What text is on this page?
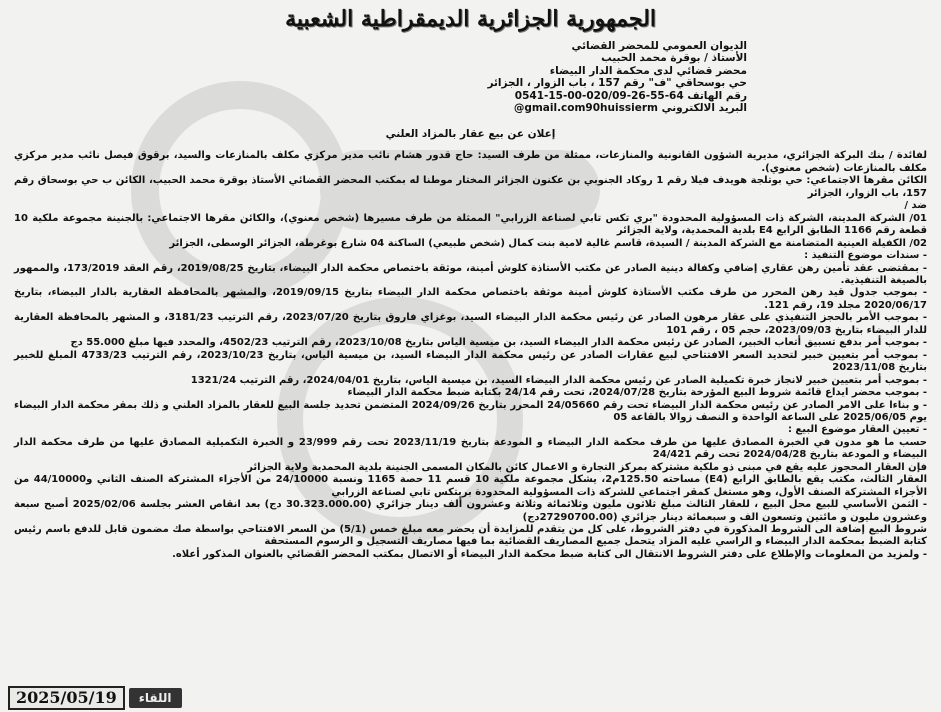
الجمهورية الجزائرية الديمقراطية الشعبية
الديوان العمومي للمحضر القضائي
الأستاذ / بوقرة محمد الحبيب
محضر قضائي لدى محكمة الدار البيضاء
حي بوسحاقي "ف" رقم 157 ، باب الزوار ، الجزائر
رقم الهاتف 64-55-26-020/09-00-15-0541
البريد الالكتروني gmail.com90huissierm@
إعلان عن بيع عقار بالمزاد العلني

لفائدة / بنك البركة الجزائري، مديرية الشؤون القانونية والمنازعات، ممثلة من طرف السيد: حاج قدور هشام نائب مدير مركزي مكلف بالمنازعات والسيد، برقوق فيصل نائب مدير مركزي مكلف بالمنازعات (شخص معنوي).

الكائن مقرها الاجتماعي: حي بوتلجة هويدف فيلا رقم 1 روكاد الجنوبي بن عكنون الجزائر المختار موطنا له بمكتب المحضر القضائي الأستاذ بوقرة محمد الحبيب، الكائن ب حي بوسحاق رقم 157، باب الزوار، الجزائر

ضد /

01/ الشركة المدينة، الشركة ذات المسؤولية المحدودة "بري تكس تابي لصناعة الزرابي" الممثلة من طرف مسيرها (شخص معنوي)، والكائن مقرها الاجتماعي: بالجنينة مجموعة ملكية 10 قطعة رقم 1166 الطابق الرابع E4 بلدية المحمدية، ولاية الجزائر

02/ الكفيلة العينية المتضامنة مع الشركة المدينة / السيدة، قاسم غالية لامية بنت كمال (شخص طبيعي) الساكنة 04 شارع بوغرطة، الجزائر الوسطى، الجزائر

- سندات موضوع التنفيذ :

- بمقتضى عقد تأمين رهن عقاري إضافي وكفالة دينية الصادر عن مكتب الأستاذة كلوش أمينة، موثقة باختصاص محكمة الدار البيضاء، بتاريخ 2019/08/25، رقم العقد 173/2019، والممهور بالصيغة التنفيذية.

- بموجب جدول قيد رهن المحرر من طرف مكتب الأستاذة كلوش أمينة موثقة باختصاص محكمة الدار البيضاء بتاريخ 2019/09/15، والمشهر بالمحافظة العقارية بالدار البيضاء، بتاريخ 2020/06/17 مجلد 19، رقم 121.

- بموجب الأمر بالحجز التنفيذي على عقار مرهون الصادر عن رئيس محكمة الدار البيضاء السيد، بوغزاي فاروق بتاريخ 2023/07/20، رقم الترتيب 3181/23، و المشهر بالمحافظة العقارية للدار البيضاء بتاريخ 2023/09/03، حجم 05 ، رقم 101

- بموجب أمر بدفع تسبيق أتعاب الخبير، الصادر عن رئيس محكمة الدار البيضاء السيد، بن ميسية الياس بتاريخ 2023/10/08، رقم الترتيب 4502/23، والمحدد فيها مبلغ 55.000 دج

- بموجب أمر بتعيين خبير لتحديد السعر الافتتاحي لبيع عقارات الصادر عن رئيس محكمة الدار البيضاء السيد، بن ميسية الياس، بتاريخ 2023/10/23، رقم الترتيب 4733/23 المبلغ للخبير بتاريخ 2023/11/08

- بموجب أمر بتعيين خبير لانجاز خبرة تكميلية الصادر عن رئيس محكمة الدار البيضاء السيد، بن ميسية الياس، بتاريخ 2024/04/01، رقم الترتيب 1321/24

- بموجب محضر ايداع قائمة شروط البيع المؤرخة بتاريخ 2024/07/28، تحت رقم 24/14 بكتابة ضبط محكمة الدار البيضاء

- و بناءا على الامر الصادر عن رئيس محكمة الدار البيضاء تحت رقم 24/05660 المحرر بتاريخ 2024/09/26 المتضمن تحديد جلسة البيع للعقار بالمزاد العلني و ذلك بمقر محكمة الدار البيضاء يوم 2025/06/05 على الساعة الواحدة و النصف زوالا بالقاعة 05

- تعيين العقار موضوع البيع :

حسب ما هو مدون في الخبرة المصادق عليها من طرف محكمة الدار البيضاء و المودعة بتاريخ 2023/11/19 تحت رقم 23/999 و الخبرة التكميلية المصادق عليها من طرف محكمة الدار البيضاء و المودعة بتاريخ 2024/04/28 تحت رقم 24/421

فإن العقار المحجوز عليه يقع في مبنى ذو ملكية مشتركة بمركز التجارة و الاعمال كائن بالمكان المسمى الجنينة بلدية المحمدية ولاية الجزائر

العقار الثالث، مكتب يقع بالطابق الرابع (E4) مساحته 125.50م2، يشكل مجموعة ملكية 10 قسم 11 حصة 1165 ونسبة 24/10000 من الأجزاء المشتركة الصنف الثاني و44/10000 من الأجزاء المشتركة الصنف الأول، وهو مستغل كمقر اجتماعي للشركة ذات المسؤولية المحدودة بريتكس تابي لصناعة الزرابي

- الثمن الأساسي للبيع محل البيع ، للعقار الثالث مبلغ ثلاثون مليون وثلاثمائة وثلاثة وعشرون ألف دينار جزائري (30.323.000.00 دج) بعد انقاص العشر بجلسة 2025/02/06 أصبح سبعة وعشرون مليون و مائتين وتسعون الف و سبعمائة دينار جزائري (27290700.00دج)

شروط البيع إضافة الى الشروط المذكورة في دفتر الشروط، على كل من يتقدم للمزايدة أن يحضر معه مبلغ خمس (5/1) من السعر الافتتاحي بواسطة صك مضمون قابل للدفع باسم رئيس كتابة الضبط بمحكمة الدار البيضاء و الراسي عليه المزاد يتحمل جميع المصاريف القضائية بما فيها مصاريف التسجيل و الرسوم المستحقة

- ولمزيد من المعلومات والإطلاع على دفتر الشروط الانتقال الى كتابة ضبط محكمة الدار البيضاء أو الاتصال بمكتب المحضر القضائي بالعنوان المذكور أعلاه.

2025/05/19	اللقاء
